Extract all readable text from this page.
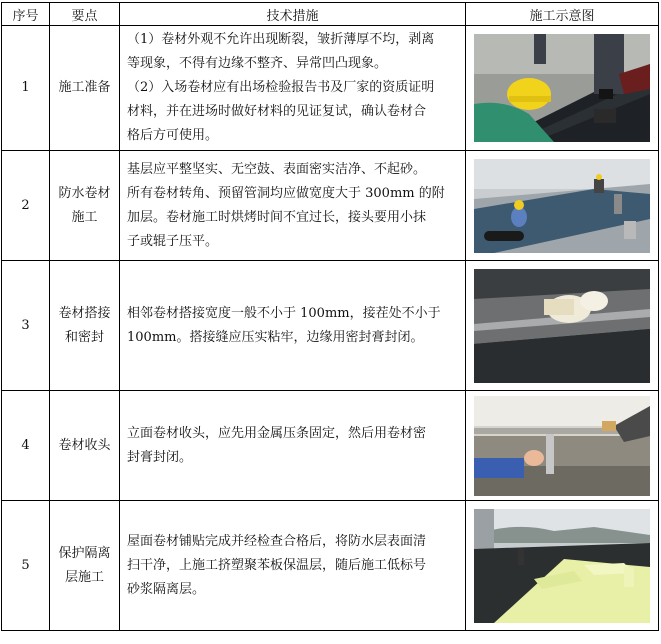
序号	要点	技术措施	施工示意图
1	施工准备	（1）卷材外观不允许出现断裂，皱折薄厚不均，剥离
等现象，不得有边缘不整齐、异常凹凸现象。
（2）入场卷材应有出场检验报告书及厂家的资质证明
材料，并在进场时做好材料的见证复试，确认卷材合
格后方可使用。

2	防水卷材
施工	基层应平整坚实、无空鼓、表面密实洁净、不起砂。
所有卷材转角、预留管洞均应做宽度大于 300mm 的附
加层。卷材施工时烘烤时间不宜过长，接头要用小抹
子或辊子压平。

3	卷材搭接
和密封	相邻卷材搭接宽度一般不小于 100mm，接茬处不小于
100mm。搭接缝应压实粘牢，边缘用密封膏封闭。

4	卷材收头	立面卷材收头，应先用金属压条固定，然后用卷材密
封膏封闭。

5	保护隔离
层施工	屋面卷材铺贴完成并经检查合格后，将防水层表面清
扫干净，上施工挤塑聚苯板保温层，随后施工低标号
砂浆隔离层。
